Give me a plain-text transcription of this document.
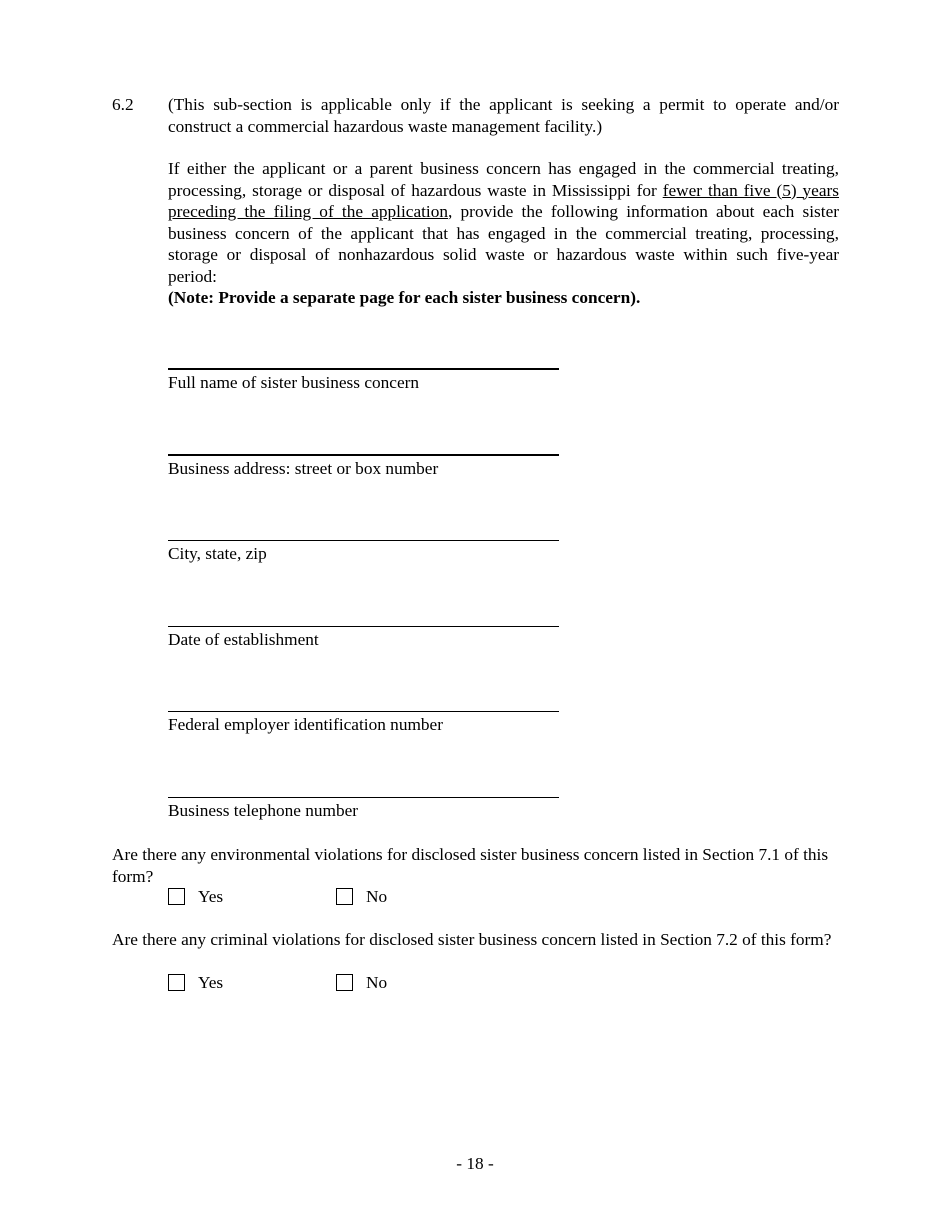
6.2 (This sub-section is applicable only if the applicant is seeking a permit to operate and/or construct a commercial hazardous waste management facility.)
If either the applicant or a parent business concern has engaged in the commercial treating, processing, storage or disposal of hazardous waste in Mississippi for fewer than five (5) years preceding the filing of the application, provide the following information about each sister business concern of the applicant that has engaged in the commercial treating, processing, storage or disposal of nonhazardous solid waste or hazardous waste within such five-year period:
(Note: Provide a separate page for each sister business concern).
Full name of sister business concern
Business address: street or box number
City, state, zip
Date of establishment
Federal employer identification number
Business telephone number
Are there any environmental violations for disclosed sister business concern listed in Section 7.1 of this form?
Yes	No
Are there any criminal violations for disclosed sister business concern listed in Section 7.2 of this form?
Yes	No
- 18 -
